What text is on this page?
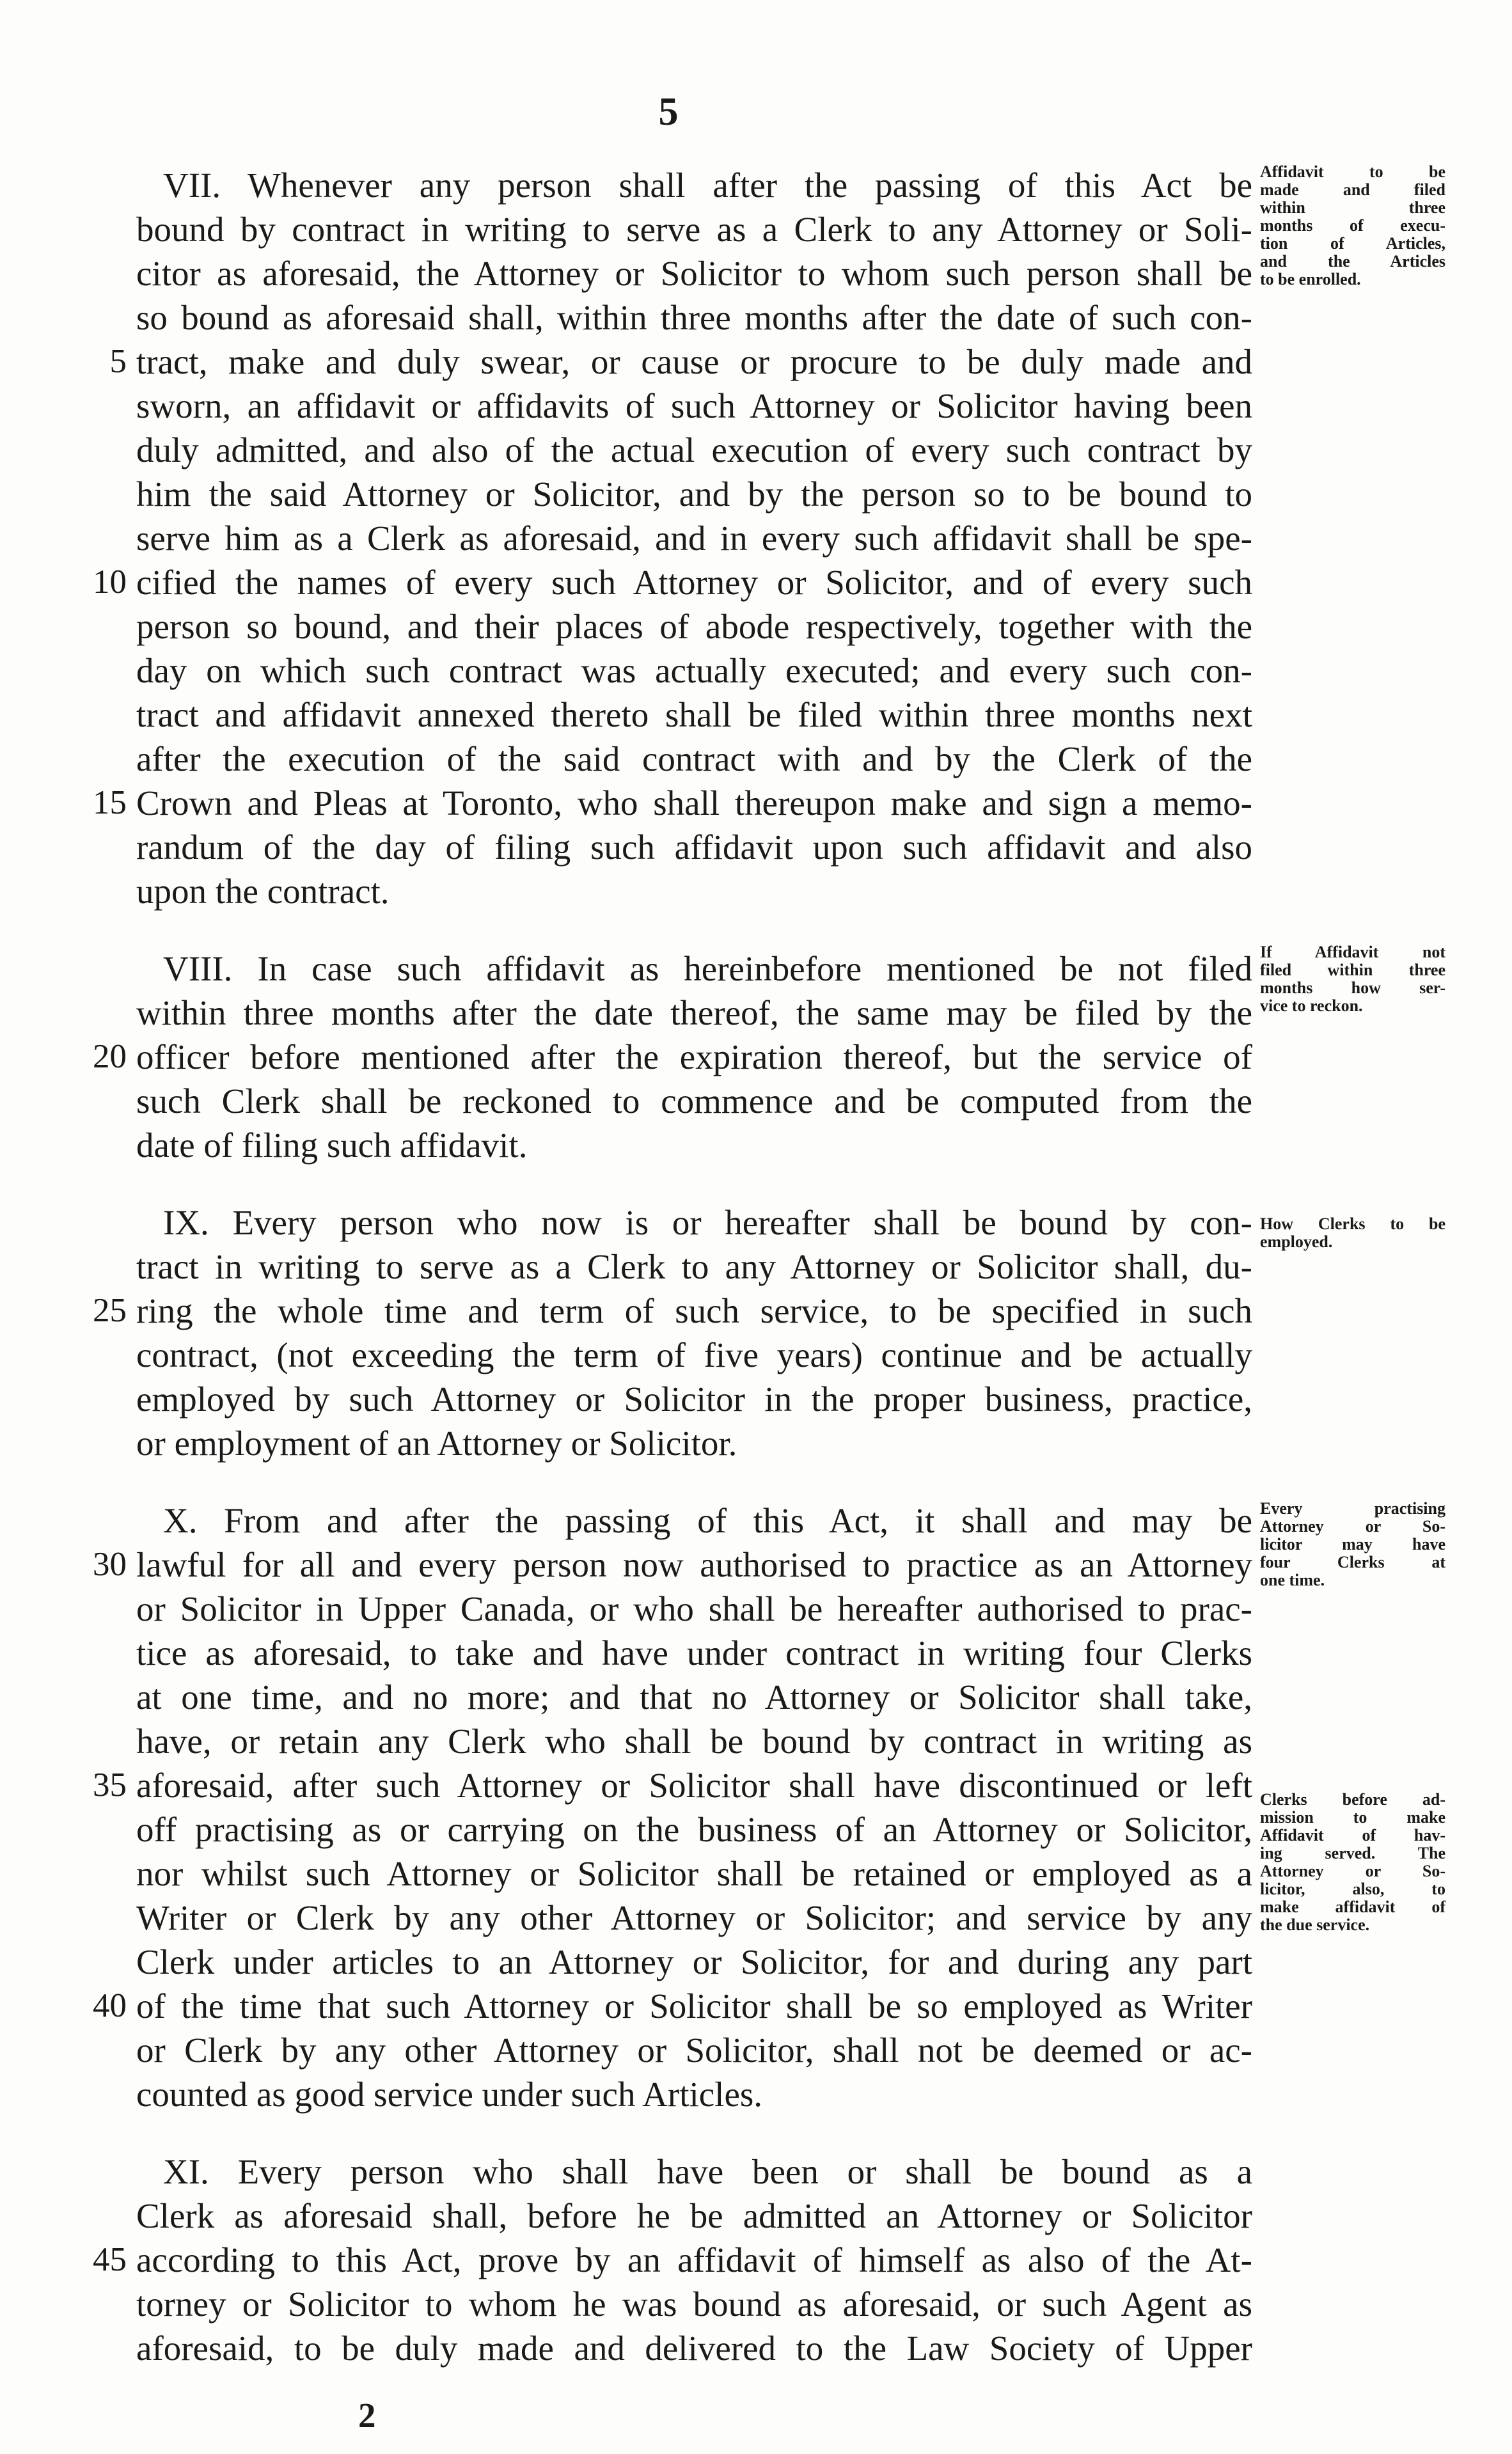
5
VII. Whenever any person shall after the passing of this Act be
bound by contract in writing to serve as a Clerk to any Attorney or Soli-
citor as aforesaid, the Attorney or Solicitor to whom such person shall be
so bound as aforesaid shall, within three months after the date of such con-
tract, make and duly swear, or cause or procure to be duly made and
5
sworn, an affidavit or affidavits of such Attorney or Solicitor having been
duly admitted, and also of the actual execution of every such contract by
him the said Attorney or Solicitor, and by the person so to be bound to
serve him as a Clerk as aforesaid, and in every such affidavit shall be spe-
cified the names of every such Attorney or Solicitor, and of every such
10
person so bound, and their places of abode respectively, together with the
day on which such contract was actually executed; and every such con-
tract and affidavit annexed thereto shall be filed within three months next
after the execution of the said contract with and by the Clerk of the
Crown and Pleas at Toronto, who shall thereupon make and sign a memo-
15
randum of the day of filing such affidavit upon such affidavit and also
upon the contract.
VIII. In case such affidavit as hereinbefore mentioned be not filed
within three months after the date thereof, the same may be filed by the
officer before mentioned after the expiration thereof, but the service of
20
such Clerk shall be reckoned to commence and be computed from the
date of filing such affidavit.
IX. Every person who now is or hereafter shall be bound by con-
tract in writing to serve as a Clerk to any Attorney or Solicitor shall, du-
ring the whole time and term of such service, to be specified in such
25
contract, (not exceeding the term of five years) continue and be actually
employed by such Attorney or Solicitor in the proper business, practice,
or employment of an Attorney or Solicitor.
X. From and after the passing of this Act, it shall and may be
lawful for all and every person now authorised to practice as an Attorney
30
or Solicitor in Upper Canada, or who shall be hereafter authorised to prac-
tice as aforesaid, to take and have under contract in writing four Clerks
at one time, and no more; and that no Attorney or Solicitor shall take,
have, or retain any Clerk who shall be bound by contract in writing as
aforesaid, after such Attorney or Solicitor shall have discontinued or left
35
off practising as or carrying on the business of an Attorney or Solicitor,
nor whilst such Attorney or Solicitor shall be retained or employed as a
Writer or Clerk by any other Attorney or Solicitor; and service by any
Clerk under articles to an Attorney or Solicitor, for and during any part
of the time that such Attorney or Solicitor shall be so employed as Writer
40
or Clerk by any other Attorney or Solicitor, shall not be deemed or ac-
counted as good service under such Articles.
XI. Every person who shall have been or shall be bound as a
Clerk as aforesaid shall, before he be admitted an Attorney or Solicitor
according to this Act, prove by an affidavit of himself as also of the At-
45
torney or Solicitor to whom he was bound as aforesaid, or such Agent as
aforesaid, to be duly made and delivered to the Law Society of Upper
Affidavit to be
made and filed
within three
months of execu-
tion of Articles,
and the Articles
to be enrolled.
If Affidavit not
filed within three
months how ser-
vice to reckon.
How Clerks to be
employed.
Every practising
Attorney or So-
licitor may have
four Clerks at
one time.
Clerks before ad-
mission to make
Affidavit of hav-
ing served. The
Attorney or So-
licitor, also, to
make affidavit of
the due service.
2
